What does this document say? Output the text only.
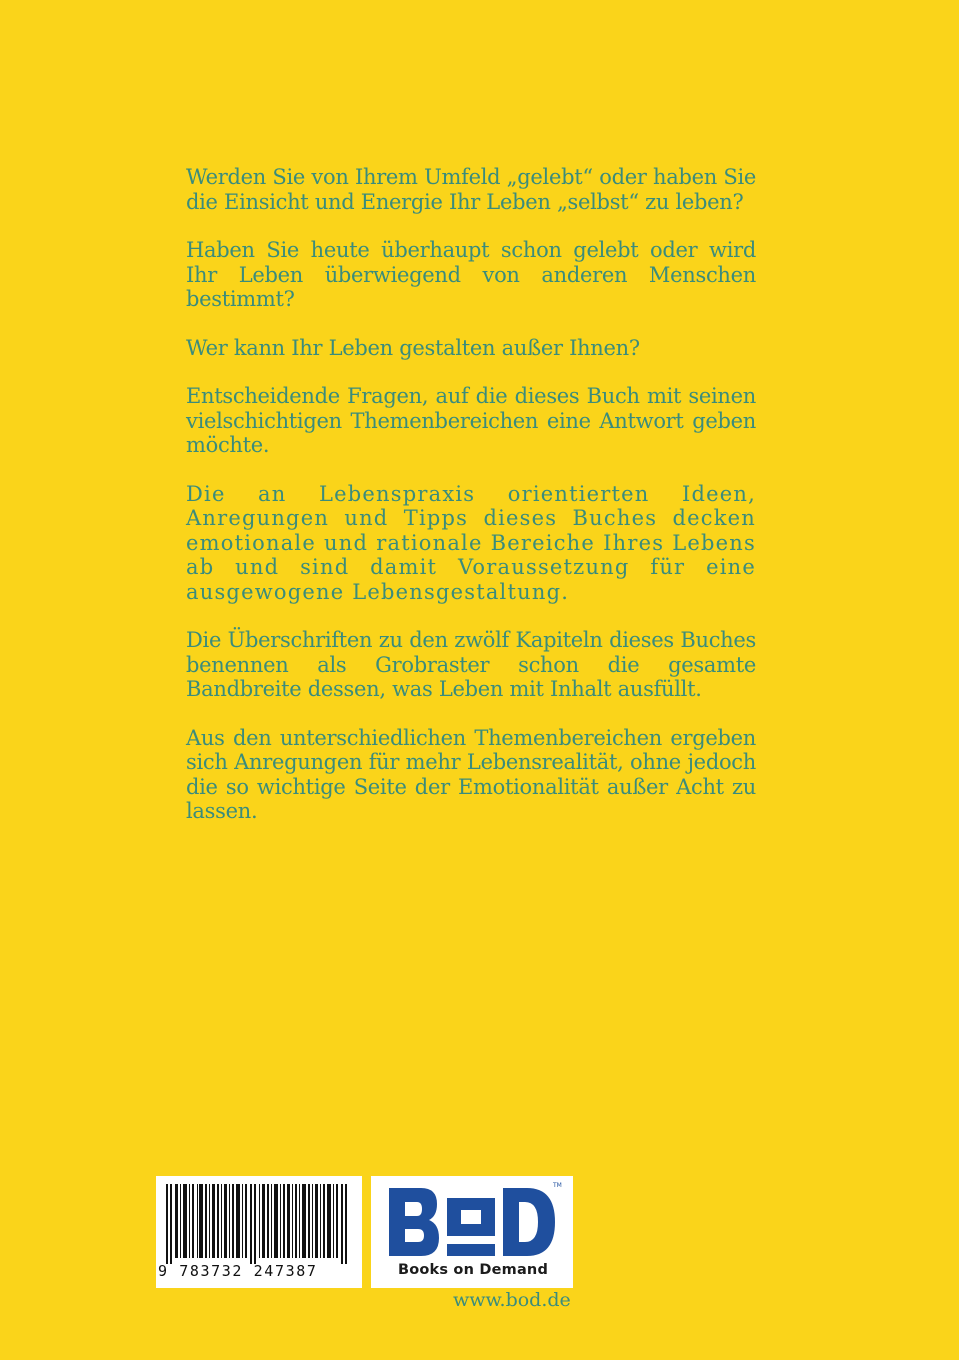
Werden Sie von Ihrem Umfeld „gelebt“ oder haben Sie die Einsicht und Energie Ihr Leben „selbst“ zu leben?

Haben Sie heute überhaupt schon gelebt oder wird Ihr Leben überwiegend von anderen Menschen bestimmt?

Wer kann Ihr Leben gestalten außer Ihnen?

Entscheidende Fragen, auf die dieses Buch mit seinen vielschichtigen Themenbereichen eine Antwort geben möchte.

Die an Lebenspraxis orientierten Ideen, Anregungen und Tipps dieses Buches decken emotionale und rationale Bereiche Ihres Lebens ab und sind damit Voraussetzung für eine ausgewogene Lebensgestaltung.

Die Überschriften zu den zwölf Kapiteln dieses Buches benennen als Grobraster schon die gesamte Bandbreite dessen, was Leben mit Inhalt ausfüllt.

Aus den unterschiedlichen Themenbereichen ergeben sich Anregungen für mehr Lebensrealität, ohne jedoch die so wichtige Seite der Emotionalität außer Acht zu lassen.

9 783732 247387
TM
Books on Demand
www.bod.de
